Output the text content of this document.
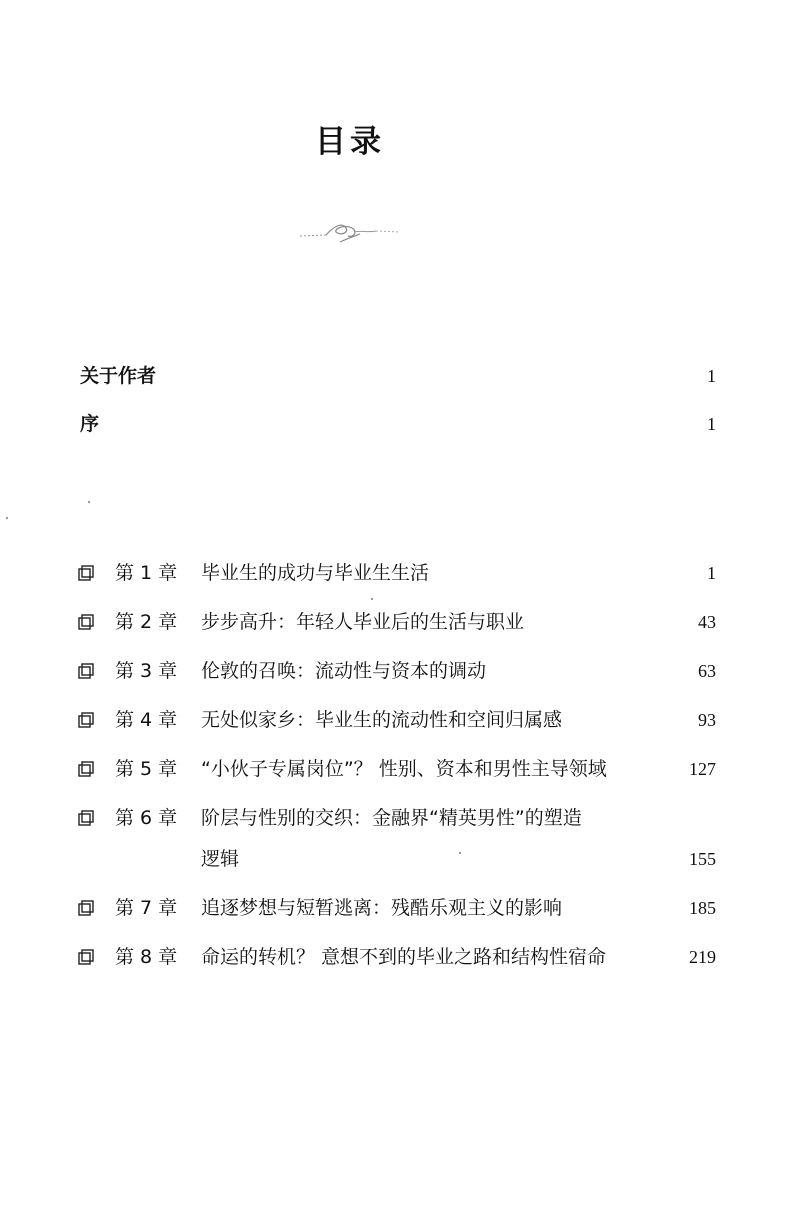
目录
关于作者	1
序	1
第 1 章 毕业生的成功与毕业生生活	1
第 2 章 步步高升：年轻人毕业后的生活与职业	43
第 3 章 伦敦的召唤：流动性与资本的调动	63
第 4 章 无处似家乡：毕业生的流动性和空间归属感	93
第 5 章 “小伙子专属岗位”？ 性别、资本和男性主导领域	127
第 6 章 阶层与性别的交织：金融界“精英男性”的塑造
逻辑	155
第 7 章 追逐梦想与短暂逃离：残酷乐观主义的影响	185
第 8 章 命运的转机？ 意想不到的毕业之路和结构性宿命	219
